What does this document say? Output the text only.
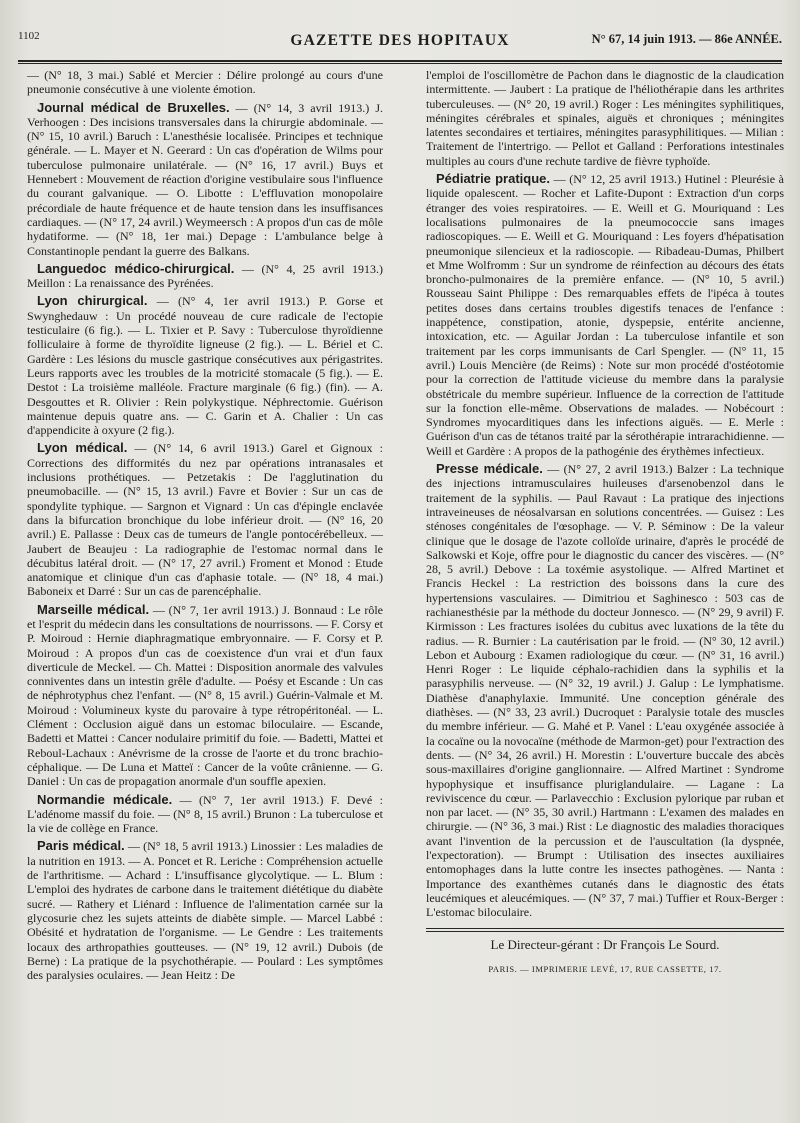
1102	GAZETTE DES HOPITAUX	N° 67, 14 juin 1913. — 86e ANNÉE.

— (N° 18, 3 mai.) Sablé et Mercier : Délire prolongé au cours d'une pneumonie consécutive à une violente émotion.

Journal médical de Bruxelles. — (N° 14, 3 avril 1913.) J. Verhoogen : Des incisions transversales dans la chirurgie abdominale. — (N° 15, 10 avril.) Baruch : L'anesthésie localisée. Principes et technique générale. — L. Mayer et N. Geerard : Un cas d'opération de Wilms pour tuberculose pulmonaire unilatérale. — (N° 16, 17 avril.) Buys et Hennebert : Mouvement de réaction d'origine vestibulaire sous l'influence du courant galvanique. — O. Libotte : L'effluvation monopolaire précordiale de haute fréquence et de haute tension dans les insuffisances cardiaques. — (N° 17, 24 avril.) Weymeersch : A propos d'un cas de môle hydatiforme. — (N° 18, 1er mai.) Depage : L'ambulance belge à Constantinople pendant la guerre des Balkans.

Languedoc médico-chirurgical. — (N° 4, 25 avril 1913.) Meillon : La renaissance des Pyrénées.

Lyon chirurgical. — (N° 4, 1er avril 1913.) P. Gorse et Swynghedauw : Un procédé nouveau de cure radicale de l'ectopie testiculaire (6 fig.). — L. Tixier et P. Savy : Tuberculose thyroïdienne folliculaire à forme de thyroïdite ligneuse (2 fig.). — L. Bériel et C. Gardère : Les lésions du muscle gastrique consécutives aux périgastrites. Leurs rapports avec les troubles de la motricité stomacale (5 fig.). — E. Destot : La troisième malléole. Fracture marginale (6 fig.) (fin). — A. Desgouttes et R. Olivier : Rein polykystique. Néphrectomie. Guérison maintenue depuis quatre ans. — C. Garin et A. Chalier : Un cas d'appendicite à oxyure (2 fig.).

Lyon médical. — (N° 14, 6 avril 1913.) Garel et Gignoux : Corrections des difformités du nez par opérations intranasales et inclusions prothétiques. — Petzetakis : De l'agglutination du pneumobacille. — (N° 15, 13 avril.) Favre et Bovier : Sur un cas de spondylite typhique. — Sargnon et Vignard : Un cas d'épingle enclavée dans la bifurcation bronchique du lobe inférieur droit. — (N° 16, 20 avril.) E. Pallasse : Deux cas de tumeurs de l'angle pontocérébelleux. — Jaubert de Beaujeu : La radiographie de l'estomac normal dans le décubitus latéral droit. — (N° 17, 27 avril.) Froment et Monod : Etude anatomique et clinique d'un cas d'aphasie totale. — (N° 18, 4 mai.) Baboneix et Darré : Sur un cas de parencéphalie.

Marseille médical. — (N° 7, 1er avril 1913.) J. Bonnaud : Le rôle et l'esprit du médecin dans les consultations de nourrissons. — F. Corsy et P. Moiroud : Hernie diaphragmatique embryonnaire. — F. Corsy et P. Moiroud : A propos d'un cas de coexistence d'un vrai et d'un faux diverticule de Meckel. — Ch. Mattei : Disposition anormale des valvules conniventes dans un intestin grêle d'adulte. — Poésy et Escande : Un cas de néphrotyphus chez l'enfant. — (N° 8, 15 avril.) Guérin-Valmale et M. Moiroud : Volumineux kyste du parovaire à type rétropéritonéal. — L. Clément : Occlusion aiguë dans un estomac biloculaire. — Escande, Badetti et Mattei : Cancer nodulaire primitif du foie. — Badetti, Mattei et Reboul-Lachaux : Anévrisme de la crosse de l'aorte et du tronc brachio-céphalique. — De Luna et Matteï : Cancer de la voûte crânienne. — G. Daniel : Un cas de propagation anormale d'un souffle apexien.

Normandie médicale. — (N° 7, 1er avril 1913.) F. Devé : L'adénome massif du foie. — (N° 8, 15 avril.) Brunon : La tuberculose et la vie de collège en France.

Paris médical. — (N° 18, 5 avril 1913.) Linossier : Les maladies de la nutrition en 1913. — A. Poncet et R. Leriche : Compréhension actuelle de l'arthritisme. — Achard : L'insuffisance glycolytique. — L. Blum : L'emploi des hydrates de carbone dans le traitement diététique du diabète sucré. — Rathery et Liénard : Influence de l'alimentation carnée sur la glycosurie chez les sujets atteints de diabète simple. — Marcel Labbé : Obésité et hydratation de l'organisme. — Le Gendre : Les traitements locaux des arthropathies goutteuses. — (N° 19, 12 avril.) Dubois (de Berne) : La pratique de la psychothérapie. — Poulard : Les symptômes des paralysies oculaires. — Jean Heitz : De

l'emploi de l'oscillomètre de Pachon dans le diagnostic de la claudication intermittente. — Jaubert : La pratique de l'héliothérapie dans les arthrites tuberculeuses. — (N° 20, 19 avril.) Roger : Les méningites syphilitiques, méningites cérébrales et spinales, aiguës et chroniques ; méningites latentes secondaires et tertiaires, méningites parasyphilitiques. — Milian : Traitement de l'intertrigo. — Pellot et Galland : Perforations intestinales multiples au cours d'une rechute tardive de fièvre typhoïde.

Pédiatrie pratique. — (N° 12, 25 avril 1913.) Hutinel : Pleurésie à liquide opalescent. — Rocher et Lafite-Dupont : Extraction d'un corps étranger des voies respiratoires. — E. Weill et G. Mouriquand : Les localisations pulmonaires de la pneumococcie sans images radioscopiques. — E. Weill et G. Mouriquand : Les foyers d'hépatisation pneumonique silencieux et la radioscopie. — Ribadeau-Dumas, Philbert et Mme Wolfromm : Sur un syndrome de réinfection au décours des états broncho-pulmonaires de la première enfance. — (N° 10, 5 avril.) Rousseau Saint Philippe : Des remarquables effets de l'ipéca à toutes petites doses dans certains troubles digestifs tenaces de l'enfance : inappétence, constipation, atonie, dyspepsie, entérite ancienne, intoxication, etc. — Aguilar Jordan : La tuberculose infantile et son traitement par les corps immunisants de Carl Spengler. — (N° 11, 15 avril.) Louis Mencière (de Reims) : Note sur mon procédé d'ostéotomie pour la correction de l'attitude vicieuse du membre dans la paralysie obstétricale du membre supérieur. Influence de la correction de l'attitude sur la fonction elle-même. Observations de malades. — Nobécourt : Syndromes myocarditiques dans les infections aiguës. — E. Merle : Guérison d'un cas de tétanos traité par la sérothérapie intrarachidienne. — Weill et Gardère : A propos de la pathogénie des érythèmes infectieux.

Presse médicale. — (N° 27, 2 avril 1913.) Balzer : La technique des injections intramusculaires huileuses d'arsenobenzol dans le traitement de la syphilis. — Paul Ravaut : La pratique des injections intraveineuses de néosalvarsan en solutions concentrées. — Guisez : Les sténoses congénitales de l'œsophage. — V. P. Séminow : De la valeur clinique que le dosage de l'azote colloïde urinaire, d'après le procédé de Salkowski et Koje, offre pour le diagnostic du cancer des viscères. — (N° 28, 5 avril.) Debove : La toxémie asystolique. — Alfred Martinet et Francis Heckel : La restriction des boissons dans la cure des hypertensions vasculaires. — Dimitriou et Saghinesco : 503 cas de rachianesthésie par la méthode du docteur Jonnesco. — (N° 29, 9 avril) F. Kirmisson : Les fractures isolées du cubitus avec luxations de la tête du radius. — R. Burnier : La cautérisation par le froid. — (N° 30, 12 avril.) Lebon et Aubourg : Examen radiologique du cœur. — (N° 31, 16 avril.) Henri Roger : Le liquide céphalo-rachidien dans la syphilis et la parasyphilis nerveuse. — (N° 32, 19 avril.) J. Galup : Le lymphatisme. Diathèse d'anaphylaxie. Immunité. Une conception générale des diathèses. — (N° 33, 23 avril.) Ducroquet : Paralysie totale des muscles du membre inférieur. — G. Mahé et P. Vanel : L'eau oxygénée associée à la cocaïne ou la novocaïne (méthode de Marmon-get) pour l'extraction des dents. — (N° 34, 26 avril.) H. Morestin : L'ouverture buccale des abcès sous-maxillaires d'origine ganglionnaire. — Alfred Martinet : Syndrome hypophysique et insuffisance pluriglandulaire. — Lagane : La reviviscence du cœur. — Parlavecchio : Exclusion pylorique par ruban et non par lacet. — (N° 35, 30 avril.) Hartmann : L'examen des malades en chirurgie. — (N° 36, 3 mai.) Rist : Le diagnostic des maladies thoraciques avant l'invention de la percussion et de l'auscultation (la dyspnée, l'expectoration). — Brumpt : Utilisation des insectes auxiliaires entomophages dans la lutte contre les insectes pathogènes. — Nanta : Importance des exanthèmes cutanés dans le diagnostic des états leucémiques et aleucémiques. — (N° 37, 7 mai.) Tuffier et Roux-Berger : L'estomac biloculaire.

Le Directeur-gérant : Dr François Le Sourd.
PARIS. — IMPRIMERIE LEVÉ, 17, RUE CASSETTE, 17.
